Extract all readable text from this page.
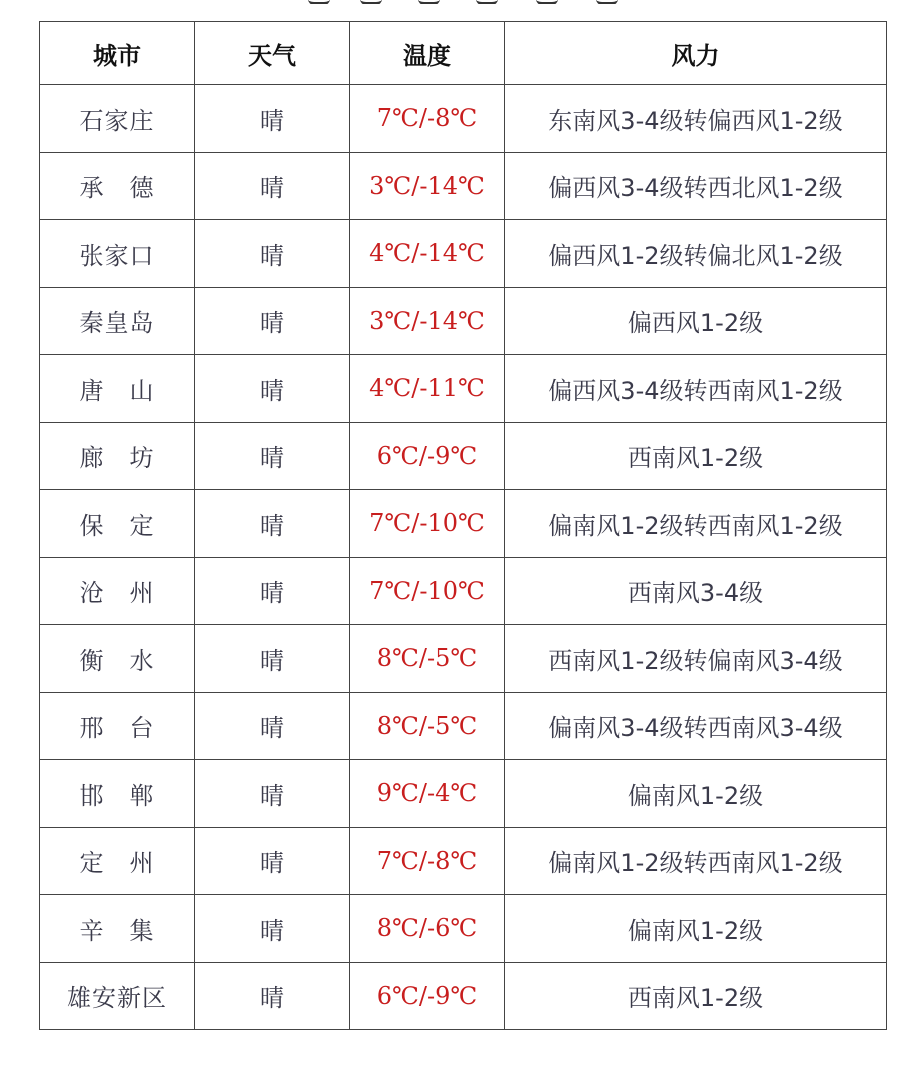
城市	天气	温度	风力
石家庄	晴	7℃/-8℃	东南风3-4级转偏西风1-2级
承　德	晴	3℃/-14℃	偏西风3-4级转西北风1-2级
张家口	晴	4℃/-14℃	偏西风1-2级转偏北风1-2级
秦皇岛	晴	3℃/-14℃	偏西风1-2级
唐　山	晴	4℃/-11℃	偏西风3-4级转西南风1-2级
廊　坊	晴	6℃/-9℃	西南风1-2级
保　定	晴	7℃/-10℃	偏南风1-2级转西南风1-2级
沧　州	晴	7℃/-10℃	西南风3-4级
衡　水	晴	8℃/-5℃	西南风1-2级转偏南风3-4级
邢　台	晴	8℃/-5℃	偏南风3-4级转西南风3-4级
邯　郸	晴	9℃/-4℃	偏南风1-2级
定　州	晴	7℃/-8℃	偏南风1-2级转西南风1-2级
辛　集	晴	8℃/-6℃	偏南风1-2级
雄安新区	晴	6℃/-9℃	西南风1-2级
